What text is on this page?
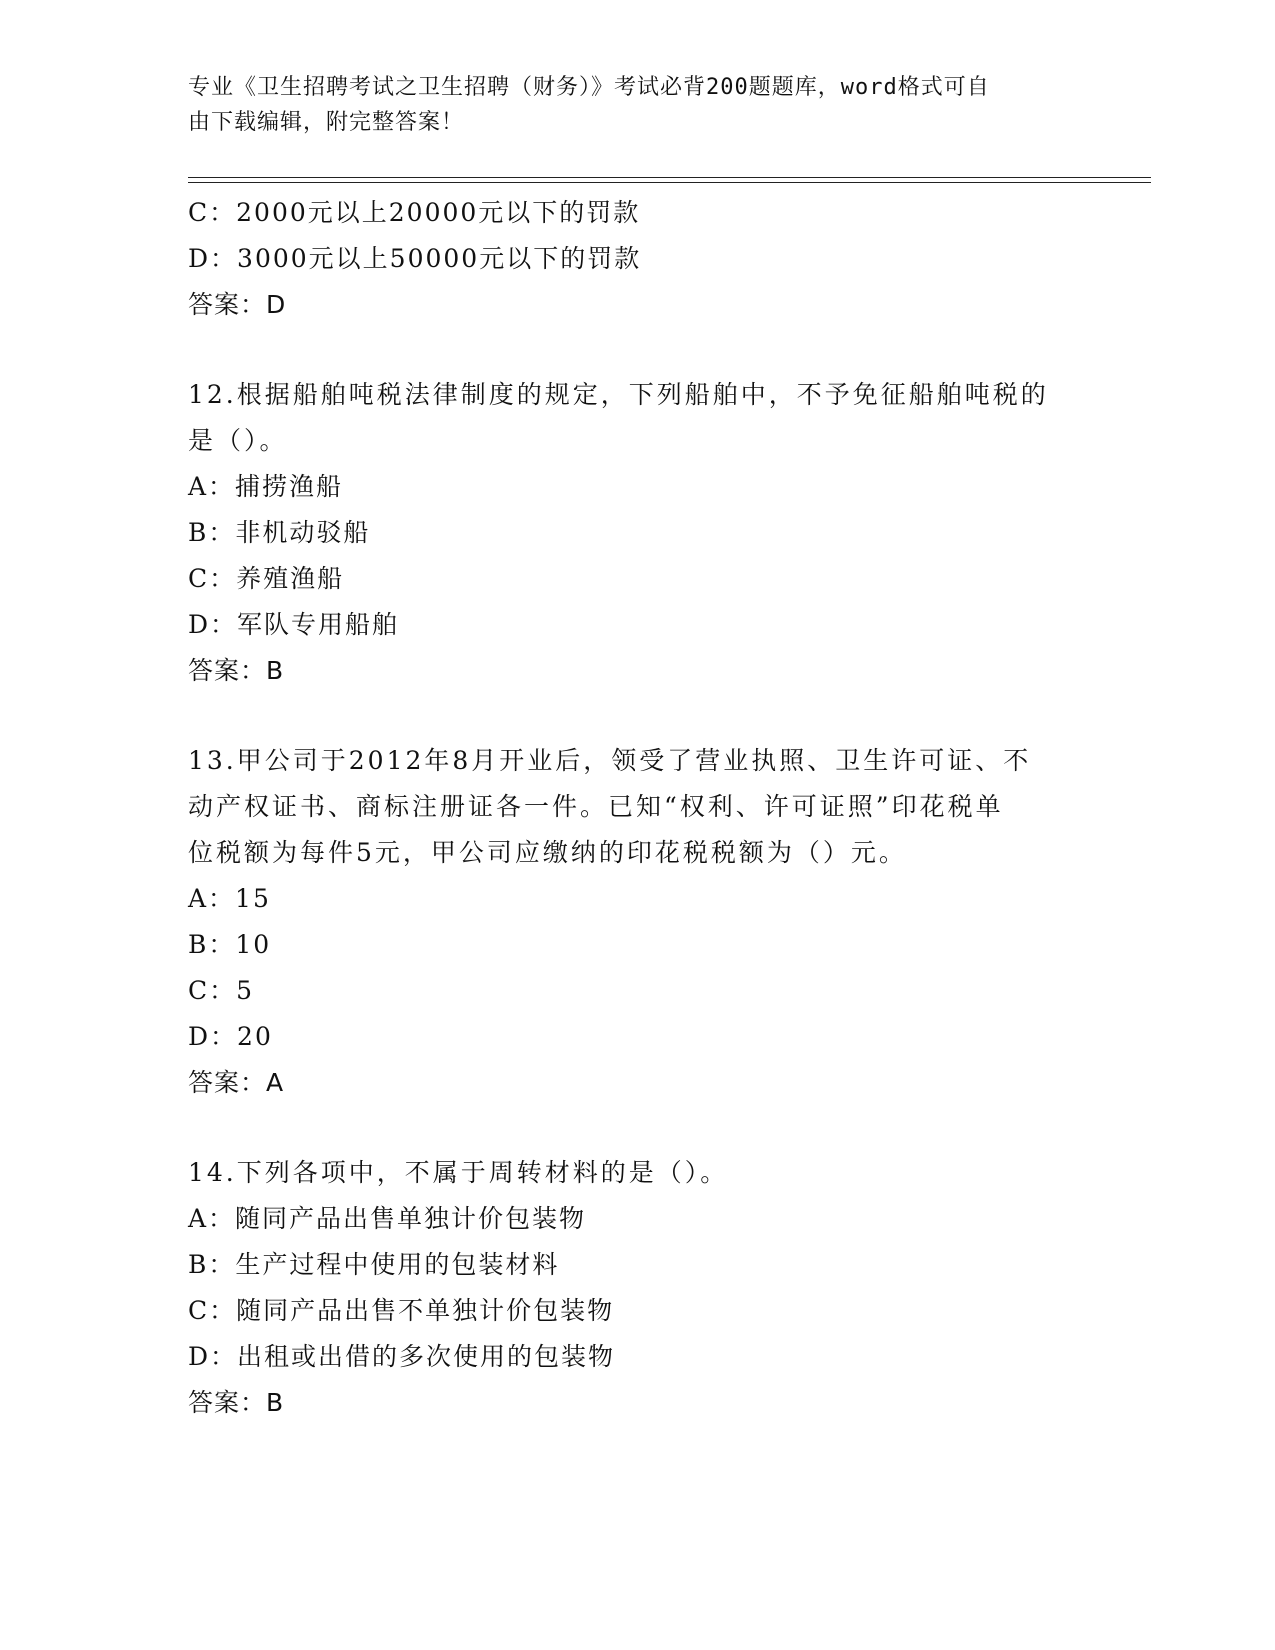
专业《卫生招聘考试之卫生招聘（财务）》考试必背200题题库，word格式可自
由下载编辑，附完整答案！
C：2000元以上20000元以下的罚款
D：3000元以上50000元以下的罚款
答案：D
12.根据船舶吨税法律制度的规定，下列船舶中，不予免征船舶吨税的
是（）。
A：捕捞渔船
B：非机动驳船
C：养殖渔船
D：军队专用船舶
答案：B
13.甲公司于2012年8月开业后，领受了营业执照、卫生许可证、不
动产权证书、商标注册证各一件。已知“权利、许可证照”印花税单
位税额为每件5元，甲公司应缴纳的印花税税额为（）元。
A：15
B：10
C：5
D：20
答案：A
14.下列各项中，不属于周转材料的是（）。
A：随同产品出售单独计价包装物
B：生产过程中使用的包装材料
C：随同产品出售不单独计价包装物
D：出租或出借的多次使用的包装物
答案：B
